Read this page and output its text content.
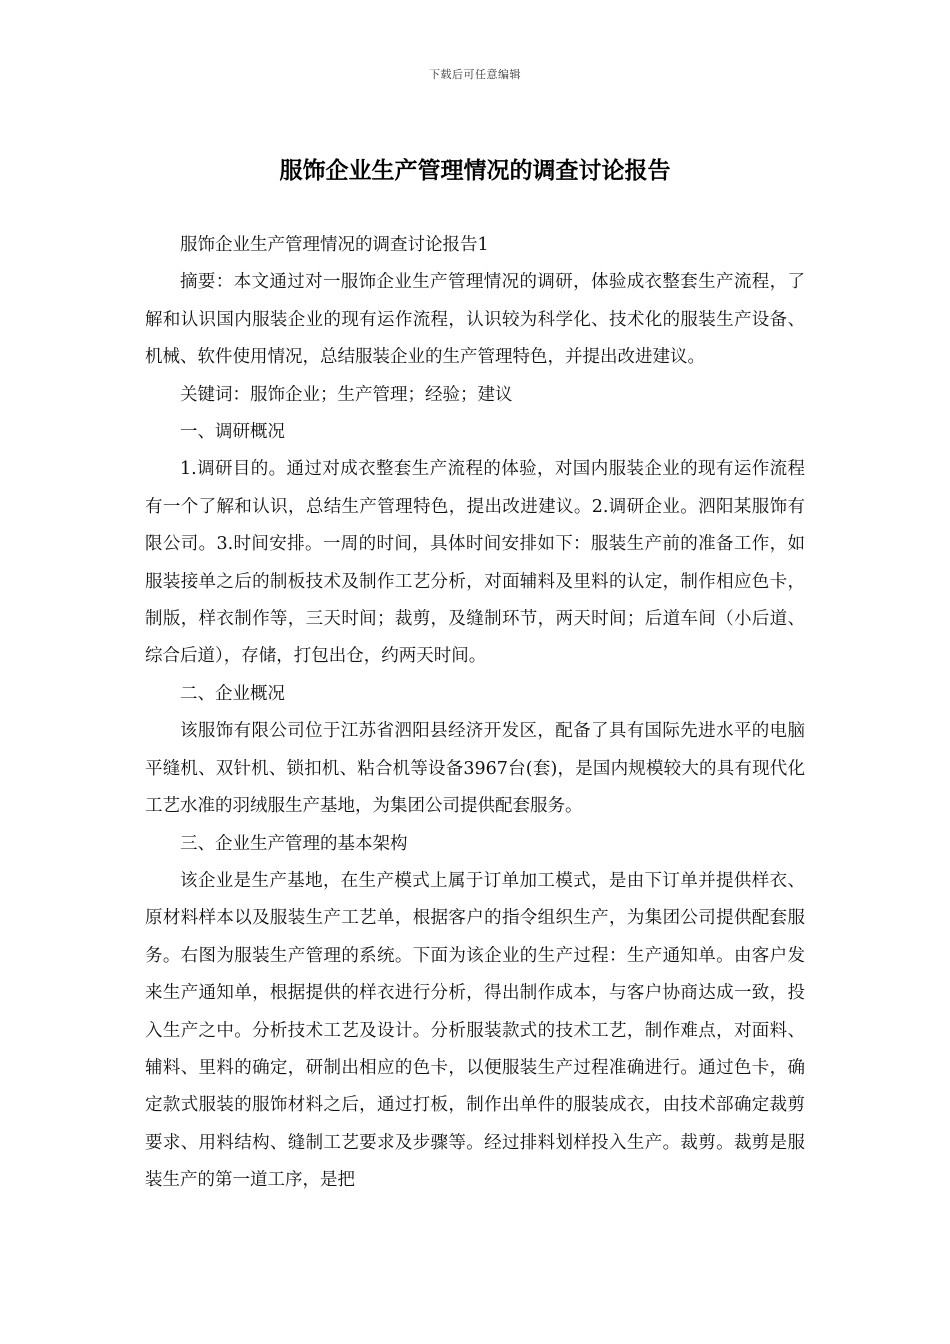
下载后可任意编辑
服饰企业生产管理情况的调查讨论报告

服饰企业生产管理情况的调查讨论报告1

摘要：本文通过对一服饰企业生产管理情况的调研，体验成衣整套生产流程，了解和认识国内服装企业的现有运作流程，认识较为科学化、技术化的服装生产设备、机械、软件使用情况，总结服装企业的生产管理特色，并提出改进建议。

关键词：服饰企业；生产管理；经验；建议

一、调研概况

1.调研目的。通过对成衣整套生产流程的体验，对国内服装企业的现有运作流程有一个了解和认识，总结生产管理特色，提出改进建议。2.调研企业。泗阳某服饰有限公司。3.时间安排。一周的时间，具体时间安排如下：服装生产前的准备工作，如服装接单之后的制板技术及制作工艺分析，对面辅料及里料的认定，制作相应色卡，制版，样衣制作等，三天时间；裁剪，及缝制环节，两天时间；后道车间（小后道、综合后道），存储，打包出仓，约两天时间。

二、企业概况

该服饰有限公司位于江苏省泗阳县经济开发区，配备了具有国际先进水平的电脑平缝机、双针机、锁扣机、粘合机等设备3967台(套)，是国内规模较大的具有现代化工艺水准的羽绒服生产基地，为集团公司提供配套服务。

三、企业生产管理的基本架构

该企业是生产基地，在生产模式上属于订单加工模式，是由下订单并提供样衣、原材料样本以及服装生产工艺单，根据客户的指令组织生产，为集团公司提供配套服务。右图为服装生产管理的系统。下面为该企业的生产过程：生产通知单。由客户发来生产通知单，根据提供的样衣进行分析，得出制作成本，与客户协商达成一致，投入生产之中。分析技术工艺及设计。分析服装款式的技术工艺，制作难点，对面料、辅料、里料的确定，研制出相应的色卡，以便服装生产过程准确进行。通过色卡，确定款式服装的服饰材料之后，通过打板，制作出单件的服装成衣，由技术部确定裁剪要求、用料结构、缝制工艺要求及步骤等。经过排料划样投入生产。裁剪。裁剪是服装生产的第一道工序，是把
